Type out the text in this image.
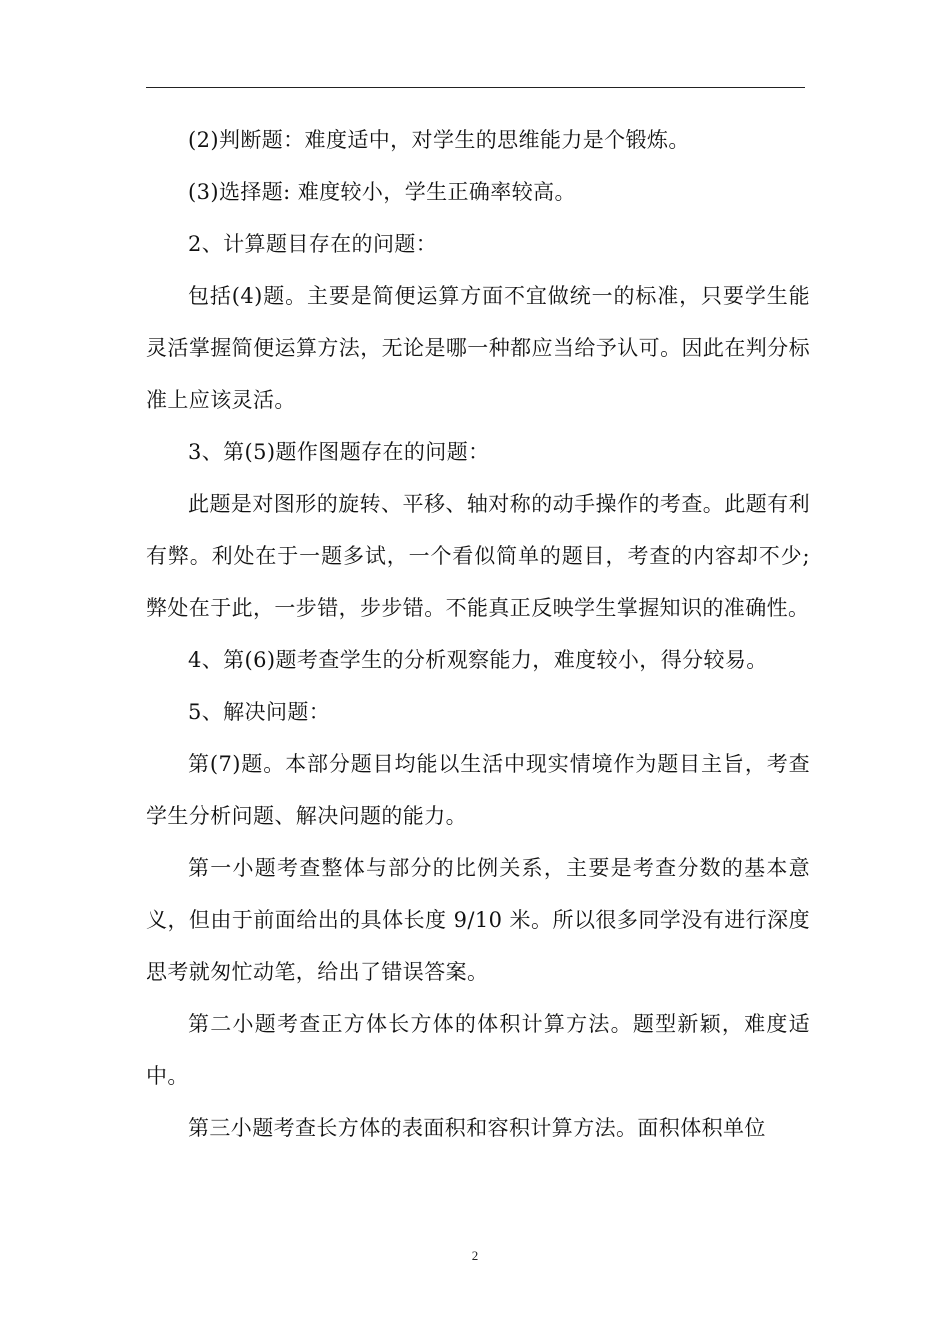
(2)判断题：难度适中，对学生的思维能力是个锻炼。

(3)选择题: 难度较小，学生正确率较高。

2、计算题目存在的问题：

包括(4)题。主要是简便运算方面不宜做统一的标准，只要学生能灵活掌握简便运算方法，无论是哪一种都应当给予认可。因此在判分标准上应该灵活。

3、第(5)题作图题存在的问题：

此题是对图形的旋转、平移、轴对称的动手操作的考查。此题有利有弊。利处在于一题多试，一个看似简单的题目，考查的内容却不少;弊处在于此，一步错，步步错。不能真正反映学生掌握知识的准确性。

4、第(6)题考查学生的分析观察能力，难度较小，得分较易。

5、解决问题：

第(7)题。本部分题目均能以生活中现实情境作为题目主旨，考查学生分析问题、解决问题的能力。

第一小题考查整体与部分的比例关系，主要是考查分数的基本意义，但由于前面给出的具体长度 9/10 米。所以很多同学没有进行深度思考就匆忙动笔，给出了错误答案。

第二小题考查正方体长方体的体积计算方法。题型新颖，难度适中。

第三小题考查长方体的表面积和容积计算方法。面积体积单位

2
